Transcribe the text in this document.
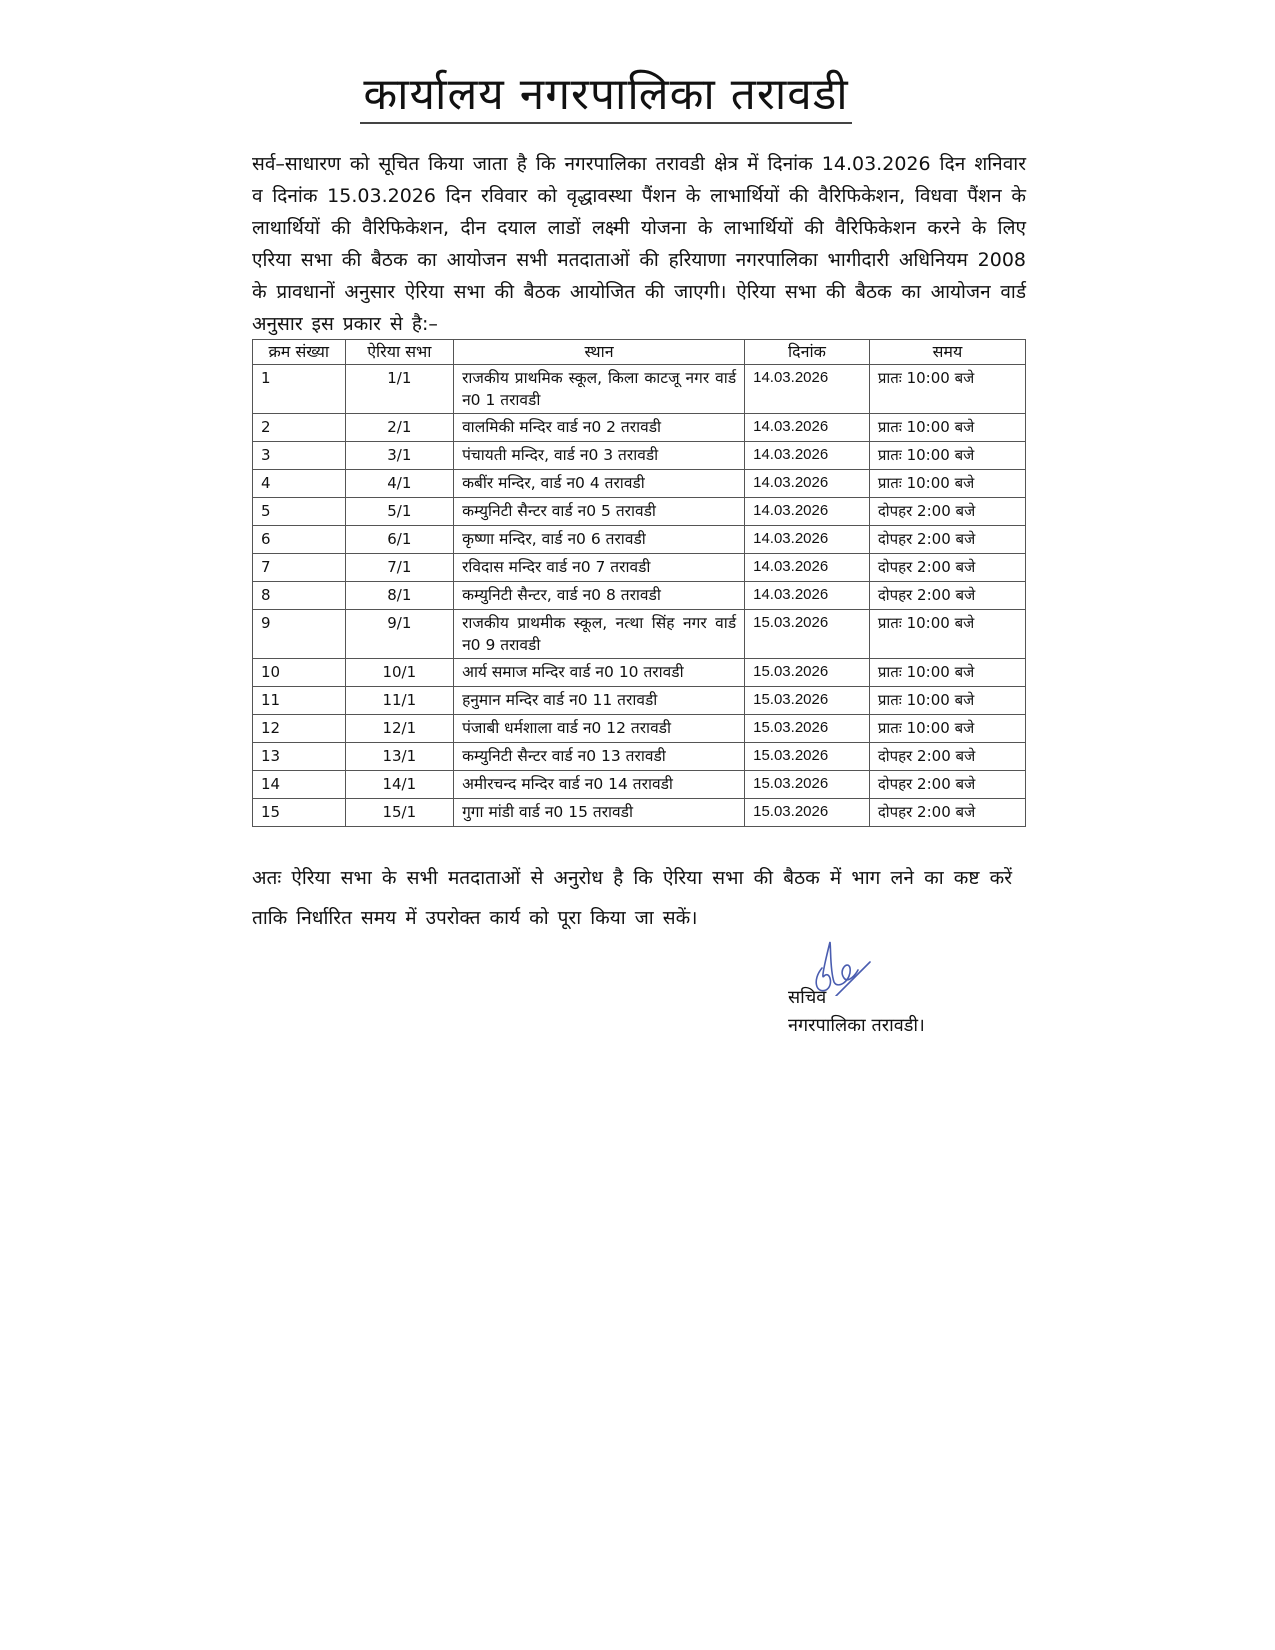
कार्यालय नगरपालिका तरावडी
सर्व–साधारण को सूचित किया जाता है कि नगरपालिका तरावडी क्षेत्र में दिनांक 14.03.2026 दिन शनिवार व दिनांक 15.03.2026 दिन रविवार को वृद्धावस्था पैंशन के लाभार्थियों की वैरिफिकेशन, विधवा पैंशन के लाथार्थियों की वैरिफिकेशन, दीन दयाल लाडों लक्ष्मी योजना के लाभार्थियों की वैरिफिकेशन करने के लिए एरिया सभा की बैठक का आयोजन सभी मतदाताओं की हरियाणा नगरपालिका भागीदारी अधिनियम 2008 के प्रावधानों अनुसार ऐरिया सभा की बैठक आयोजित की जाएगी। ऐरिया सभा की बैठक का आयोजन वार्ड अनुसार इस प्रकार से है:–
क्रम संख्या	ऐरिया सभा	स्थान	दिनांक	समय
1	1/1	राजकीय प्राथमिक स्कूल, किला काटजू नगर वार्ड न0 1 तरावडी	14.03.2026	प्रातः 10:00 बजे
2	2/1	वालमिकी मन्दिर वार्ड न0 2 तरावडी	14.03.2026	प्रातः 10:00 बजे
3	3/1	पंचायती मन्दिर, वार्ड न0 3 तरावडी	14.03.2026	प्रातः 10:00 बजे
4	4/1	कबींर मन्दिर, वार्ड न0 4 तरावडी	14.03.2026	प्रातः 10:00 बजे
5	5/1	कम्युनिटी सैन्टर वार्ड न0 5 तरावडी	14.03.2026	दोपहर 2:00 बजे
6	6/1	कृष्णा मन्दिर, वार्ड न0 6 तरावडी	14.03.2026	दोपहर 2:00 बजे
7	7/1	रविदास मन्दिर वार्ड न0 7 तरावडी	14.03.2026	दोपहर 2:00 बजे
8	8/1	कम्युनिटी सैन्टर, वार्ड न0 8 तरावडी	14.03.2026	दोपहर 2:00 बजे
9	9/1	राजकीय प्राथमीक स्कूल, नत्था सिंह नगर वार्ड न0 9 तरावडी	15.03.2026	प्रातः 10:00 बजे
10	10/1	आर्य समाज मन्दिर वार्ड न0 10 तरावडी	15.03.2026	प्रातः 10:00 बजे
11	11/1	हनुमान मन्दिर वार्ड न0 11 तरावडी	15.03.2026	प्रातः 10:00 बजे
12	12/1	पंजाबी धर्मशाला वार्ड न0 12 तरावडी	15.03.2026	प्रातः 10:00 बजे
13	13/1	कम्युनिटी सैन्टर वार्ड न0 13 तरावडी	15.03.2026	दोपहर 2:00 बजे
14	14/1	अमीरचन्द मन्दिर वार्ड न0 14 तरावडी	15.03.2026	दोपहर 2:00 बजे
15	15/1	गुगा मांडी वार्ड न0 15 तरावडी	15.03.2026	दोपहर 2:00 बजे
अतः ऐरिया सभा के सभी मतदाताओं से अनुरोध है कि ऐरिया सभा की बैठक में भाग लने का कष्ट करें ताकि निर्धारित समय में उपरोक्त कार्य को पूरा किया जा सकें।
सचिव
नगरपालिका तरावडी।
